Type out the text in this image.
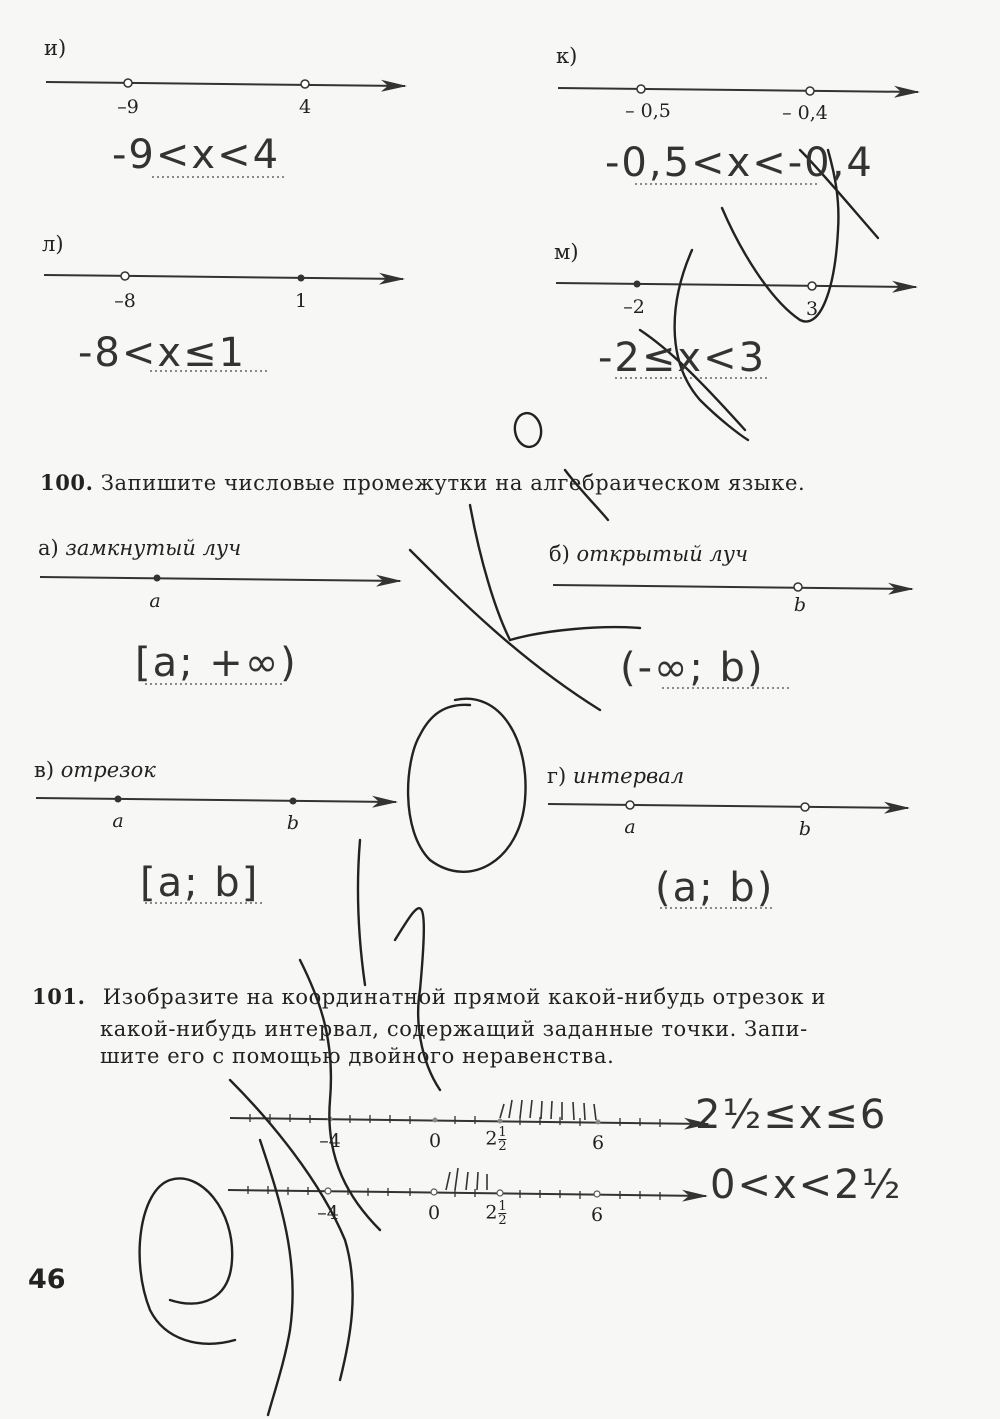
и)
–9	4
-9<x<4
к)
– 0,5	– 0,4
-0,5<x<-0,4
л)
–8	1
-8<x≤1
м)
–2	3
-2≤x<3
100. Запишите числовые промежутки на алгебраическом языке.
а) замкнутый луч
a
[a; +∞)
б) открытый луч
b
(-∞; b)
в) отрезок
a	b
[a; b]
г) интервал
a	b
(a; b)
101. Изобразите на координатной прямой какой-нибудь отрезок и
какой-нибудь интервал, содержащий заданные точки. Запи-
шите его с помощью двойного неравенства.
–4	0 $2 \frac{1}{2}$	6
2½≤x≤6
–4	0 $2 \frac{1}{2}$	6
0<x<2½
46
